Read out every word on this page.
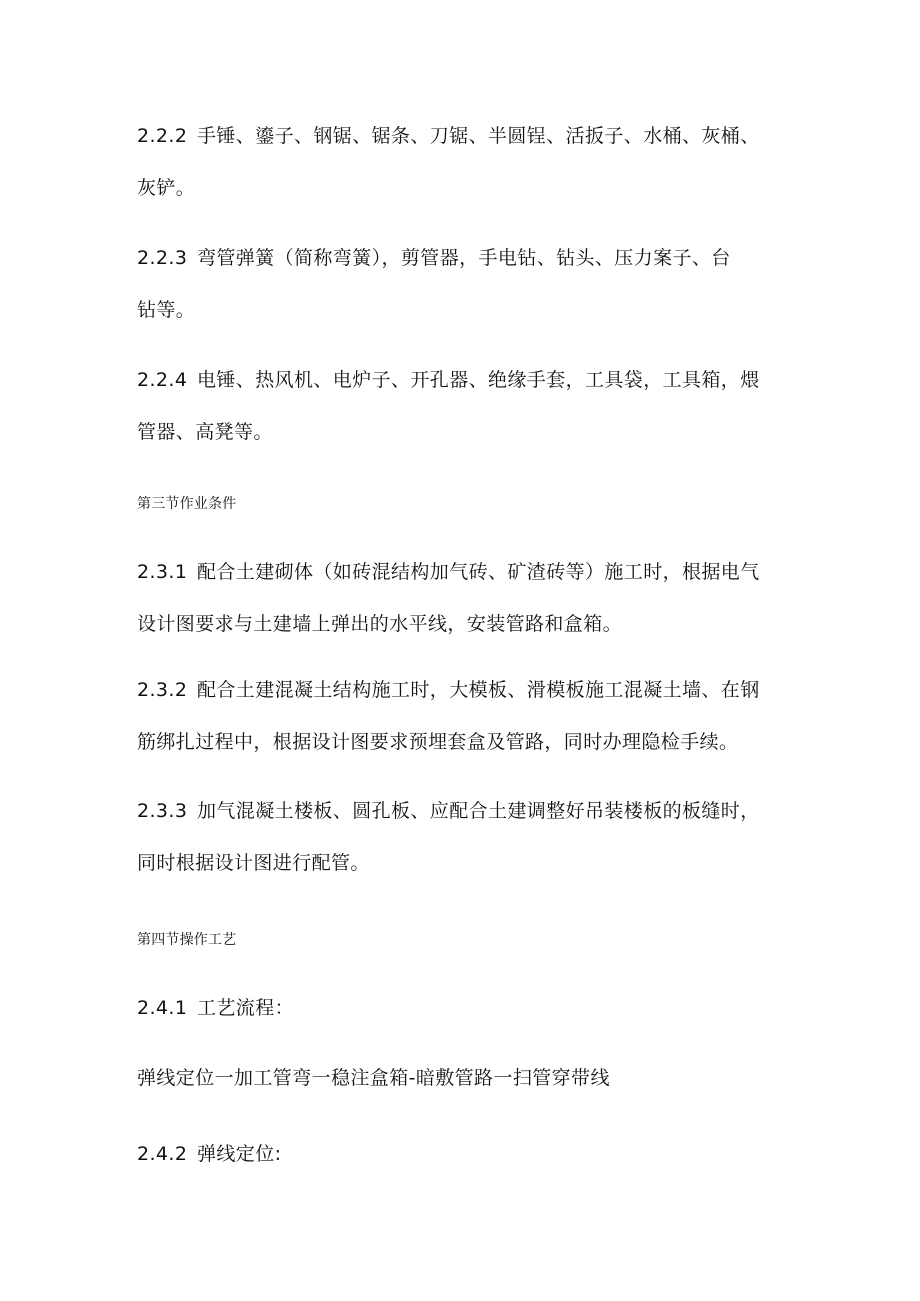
2.2.2 手锤、鎏子、钢锯、锯条、刀锯、半圆锃、活扳子、水桶、灰桶、
灰铲。
2.2.3 弯管弹簧（简称弯簧），剪管器，手电钻、钻头、压力案子、台
钻等。
2.2.4 电锤、热风机、电炉子、开孔器、绝缘手套，工具袋，工具箱，煨
管器、高凳等。
第三节作业条件
2.3.1 配合土建砌体（如砖混结构加气砖、矿渣砖等）施工时，根据电气
设计图要求与土建墙上弹出的水平线，安装管路和盒箱。
2.3.2 配合土建混凝土结构施工时，大模板、滑模板施工混凝土墙、在钢
筋绑扎过程中，根据设计图要求预埋套盒及管路，同时办理隐检手续。
2.3.3 加气混凝土楼板、圆孔板、应配合土建调整好吊装楼板的板缝时，
同时根据设计图进行配管。
第四节操作工艺
2.4.1 工艺流程：
弹线定位一加工管弯一稳注盒箱-暗敷管路一扫管穿带线
2.4.2 弹线定位:
